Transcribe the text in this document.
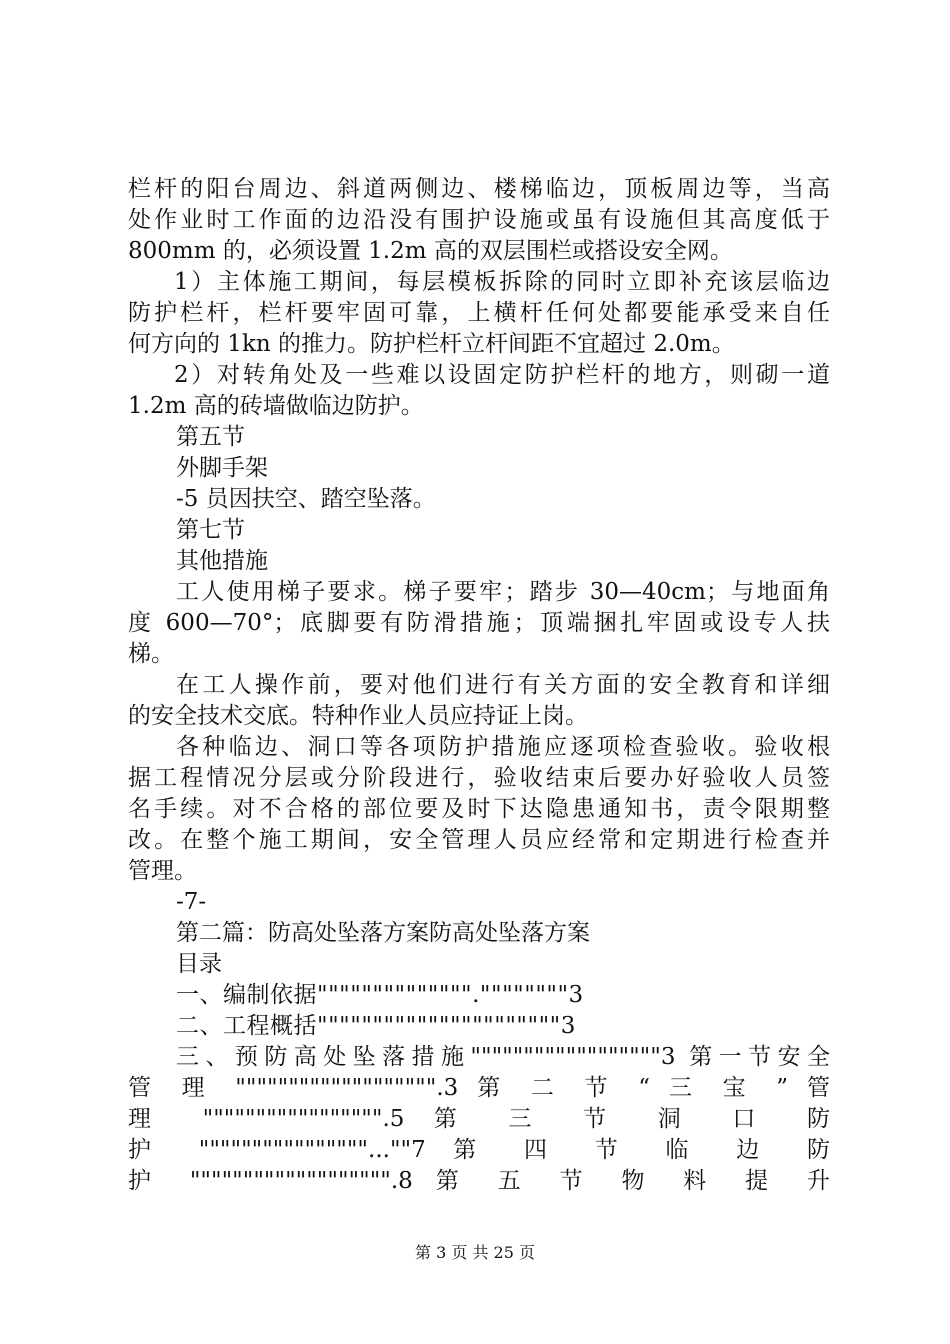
栏杆的阳台周边、斜道两侧边、楼梯临边，顶板周边等，当高
处作业时工作面的边沿没有围护设施或虽有设施但其高度低于
800mm 的，必须设置 1.2m 高的双层围栏或搭设安全网。
1）主体施工期间，每层模板拆除的同时立即补充该层临边
防护栏杆，栏杆要牢固可靠，上横杆任何处都要能承受来自任
何方向的 1kn 的推力。防护栏杆立杆间距不宜超过 2.0m。
2）对转角处及一些难以设固定防护栏杆的地方，则砌一道
1.2m 高的砖墙做临边防护。
第五节
外脚手架
-5 员因扶空、踏空坠落。
第七节
其他措施
工人使用梯子要求。梯子要牢；踏步 30—40cm；与地面角
度 600—70°；底脚要有防滑措施；顶端捆扎牢固或设专人扶
梯。
在工人操作前，要对他们进行有关方面的安全教育和详细
的安全技术交底。特种作业人员应持证上岗。
各种临边、洞口等各项防护措施应逐项检查验收。验收根
据工程情况分层或分阶段进行，验收结束后要办好验收人员签
名手续。对不合格的部位要及时下达隐患通知书，责令限期整
改。在整个施工期间，安全管理人员应经常和定期进行检查并
管理。
-7-
第二篇：防高处坠落方案防高处坠落方案
目录
一、编制依据"""""""""""""".""""""""3
二、工程概括""""""""""""""""""""""3
三、预防高处坠落措施""""""""""""""""""3 第一节安全
管 理 """"""""""""""""""".3 第 二 节 “ 三 宝 ” 管
理 """"""""""""""""".5 第 三 节 洞 口 防
护 """"""""""""""""...""7 第 四 节 临 边 防
护 """"""""""""""""""".8 第 五 节 物 料 提 升
第 3 页 共 25 页
